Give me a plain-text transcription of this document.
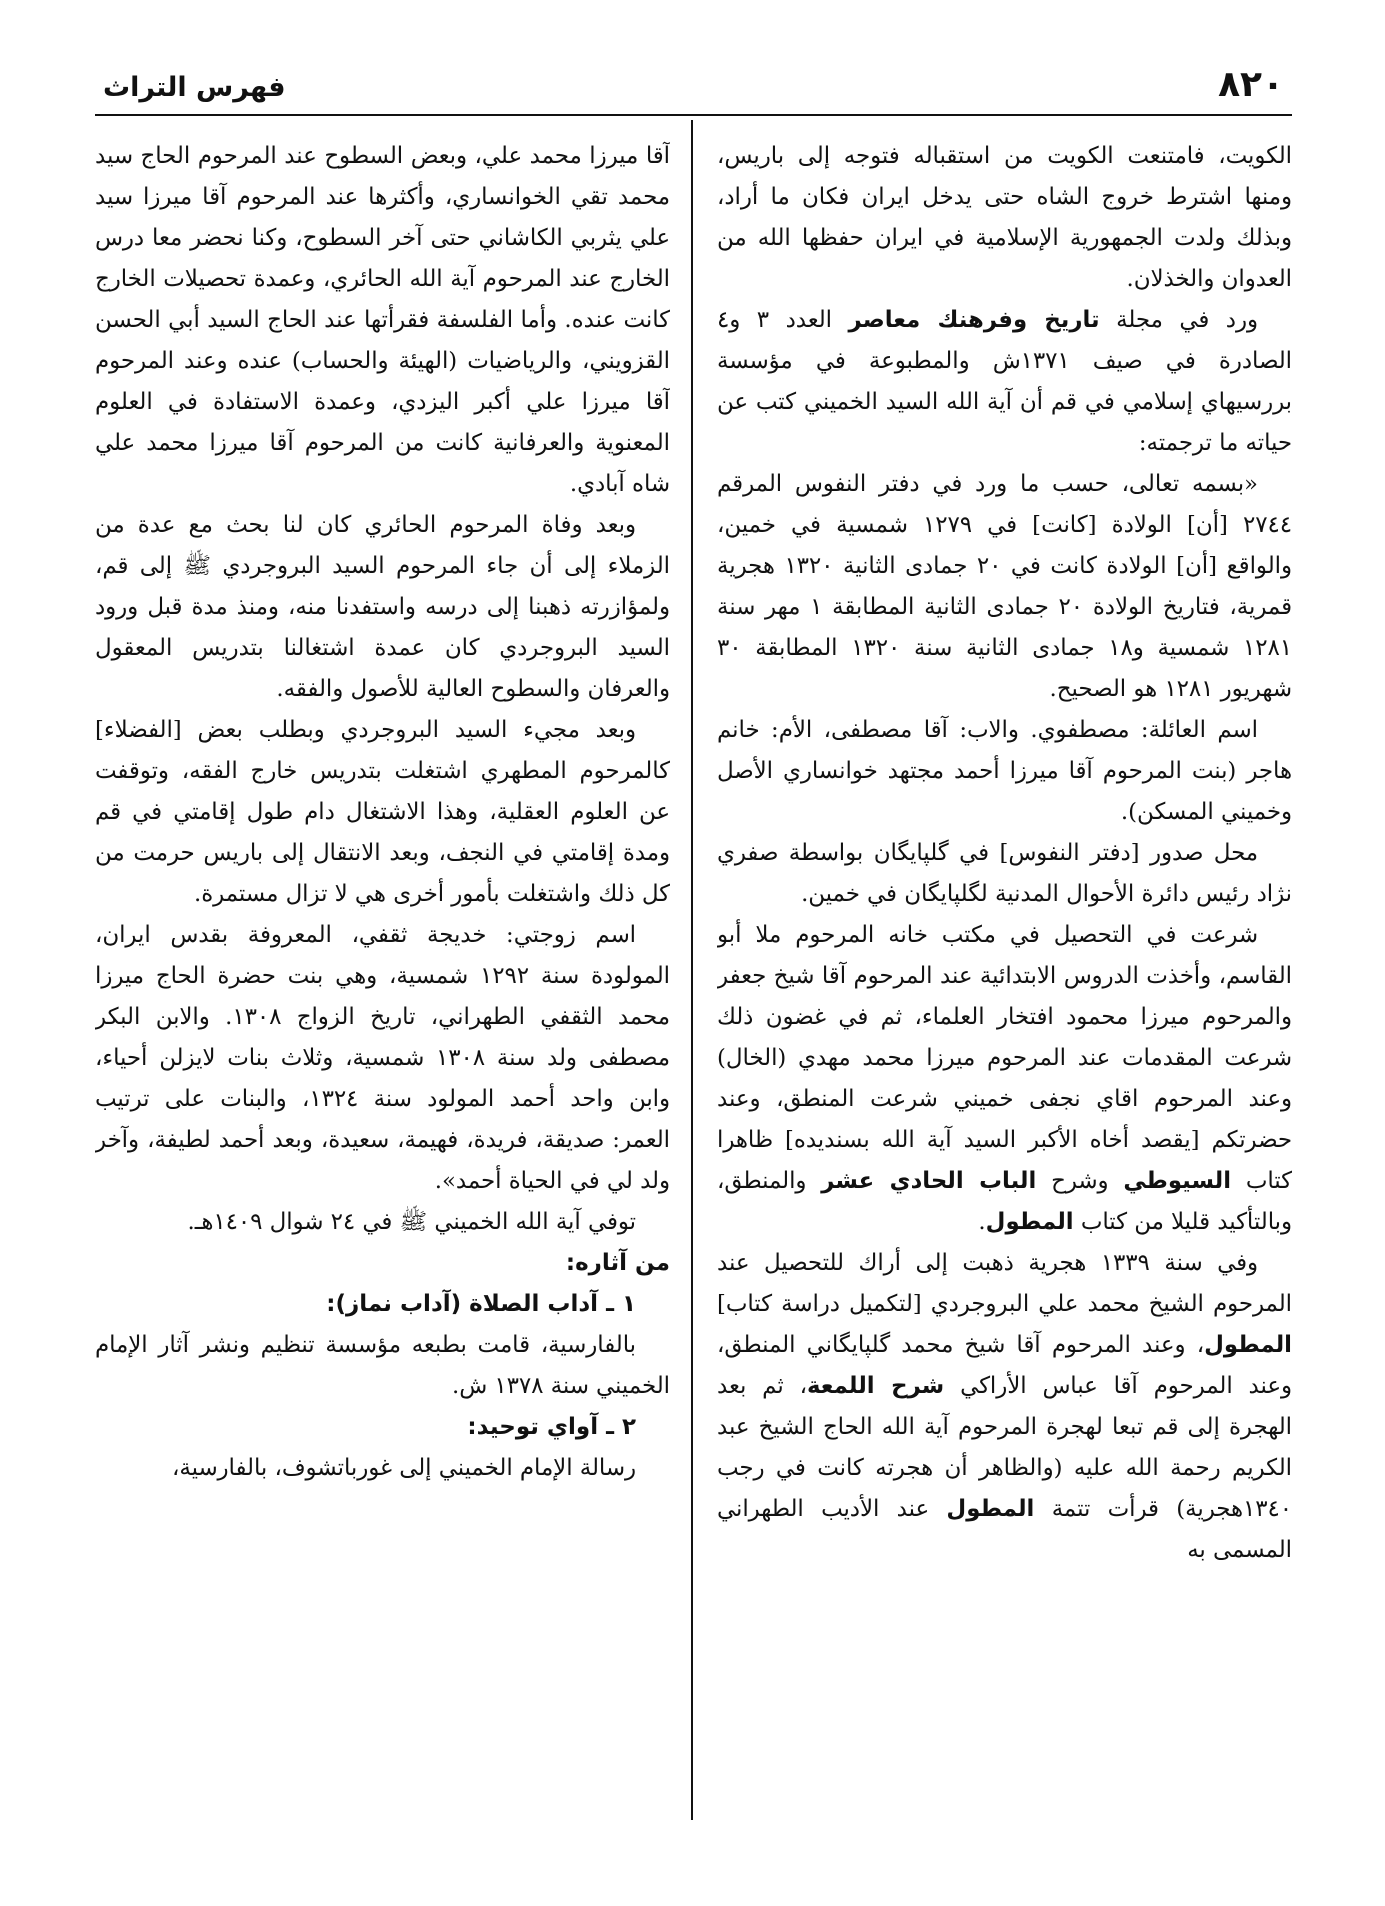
٨٢٠
فهرس التراث

الكويت، فامتنعت الكويت من استقباله فتوجه إلى باريس، ومنها اشترط خروج الشاه حتى يدخل ايران فكان ما أراد، وبذلك ولدت الجمهورية الإسلامية في ايران حفظها الله من العدوان والخذلان.

ورد في مجلة تاريخ وفرهنك معاصر العدد ٣ و٤ الصادرة في صيف ١٣٧١ش والمطبوعة في مؤسسة بررسيهاي إسلامي في قم أن آية الله السيد الخميني كتب عن حياته ما ترجمته:

«بسمه تعالى، حسب ما ورد في دفتر النفوس المرقم ٢٧٤٤ [أن] الولادة [كانت] في ١٢٧٩ شمسية في خمين، والواقع [أن] الولادة كانت في ٢٠ جمادى الثانية ١٣٢٠ هجرية قمرية، فتاريخ الولادة ٢٠ جمادى الثانية المطابقة ١ مهر سنة ١٢٨١ شمسية و١٨ جمادى الثانية سنة ١٣٢٠ المطابقة ٣٠ شهريور ١٢٨١ هو الصحيح.

اسم العائلة: مصطفوي. والاب: آقا مصطفى، الأم: خانم هاجر (بنت المرحوم آقا ميرزا أحمد مجتهد خوانساري الأصل وخميني المسكن).

محل صدور [دفتر النفوس] في گلپايگان بواسطة صفري نژاد رئيس دائرة الأحوال المدنية لگلپايگان في خمين.

شرعت في التحصيل في مكتب خانه المرحوم ملا أبو القاسم، وأخذت الدروس الابتدائية عند المرحوم آقا شيخ جعفر والمرحوم ميرزا محمود افتخار العلماء، ثم في غضون ذلك شرعت المقدمات عند المرحوم ميرزا محمد مهدي (الخال) وعند المرحوم اقاي نجفى خميني شرعت المنطق، وعند حضرتكم [يقصد أخاه الأكبر السيد آية الله بسنديده] ظاهرا كتاب السيوطي وشرح الباب الحادي عشر والمنطق، وبالتأكيد قليلا من كتاب المطول.

وفي سنة ١٣٣٩ هجرية ذهبت إلى أراك للتحصيل عند المرحوم الشيخ محمد علي البروجردي [لتكميل دراسة كتاب] المطول، وعند المرحوم آقا شيخ محمد گلپايگاني المنطق، وعند المرحوم آقا عباس الأراكي شرح اللمعة، ثم بعد الهجرة إلى قم تبعا لهجرة المرحوم آية الله الحاج الشيخ عبد الكريم رحمة الله عليه (والظاهر أن هجرته كانت في رجب ١٣٤٠هجرية) قرأت تتمة المطول عند الأديب الطهراني المسمى به

آقا ميرزا محمد علي، وبعض السطوح عند المرحوم الحاج سيد محمد تقي الخوانساري، وأكثرها عند المرحوم آقا ميرزا سيد علي يثربي الكاشاني حتى آخر السطوح، وكنا نحضر معا درس الخارج عند المرحوم آية الله الحائري، وعمدة تحصيلات الخارج كانت عنده. وأما الفلسفة فقرأتها عند الحاج السيد أبي الحسن القزويني، والرياضيات (الهيئة والحساب) عنده وعند المرحوم آقا ميرزا علي أكبر اليزدي، وعمدة الاستفادة في العلوم المعنوية والعرفانية كانت من المرحوم آقا ميرزا محمد علي شاه آبادي.

وبعد وفاة المرحوم الحائري كان لنا بحث مع عدة من الزملاء إلى أن جاء المرحوم السيد البروجردي ﷺ إلى قم، ولمؤازرته ذهبنا إلى درسه واستفدنا منه، ومنذ مدة قبل ورود السيد البروجردي كان عمدة اشتغالنا بتدريس المعقول والعرفان والسطوح العالية للأصول والفقه.

وبعد مجيء السيد البروجردي وبطلب بعض [الفضلاء] كالمرحوم المطهري اشتغلت بتدريس خارج الفقه، وتوقفت عن العلوم العقلية، وهذا الاشتغال دام طول إقامتي في قم ومدة إقامتي في النجف، وبعد الانتقال إلى باريس حرمت من كل ذلك واشتغلت بأمور أخرى هي لا تزال مستمرة.

اسم زوجتي: خديجة ثقفي، المعروفة بقدس ايران، المولودة سنة ١٢٩٢ شمسية، وهي بنت حضرة الحاج ميرزا محمد الثقفي الطهراني، تاريخ الزواج ١٣٠٨. والابن البكر مصطفى ولد سنة ١٣٠٨ شمسية، وثلاث بنات لايزلن أحياء، وابن واحد أحمد المولود سنة ١٣٢٤، والبنات على ترتيب العمر: صديقة، فريدة، فهيمة، سعيدة، وبعد أحمد لطيفة، وآخر ولد لي في الحياة أحمد».

توفي آية الله الخميني ﷺ في ٢٤ شوال ١٤٠٩هـ.

من آثاره:

١ ـ آداب الصلاة (آداب نماز):

بالفارسية، قامت بطبعه مؤسسة تنظيم ونشر آثار الإمام الخميني سنة ١٣٧٨ ش.

٢ ـ آواي توحيد:

رسالة الإمام الخميني إلى غورباتشوف، بالفارسية،
